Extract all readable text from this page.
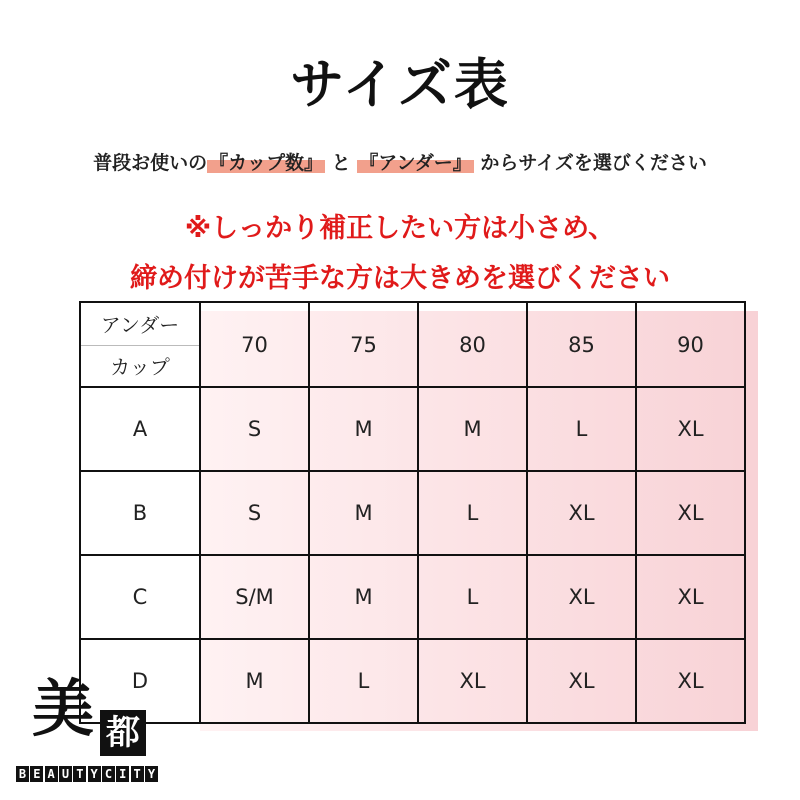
サイズ表
普段お使いの 『カップ数』 と 『アンダー』 からサイズを選びください
※しっかり補正したい方は小さめ、
締め付けが苦手な方は大きめを選びください
アンダー
カップ	70	75	80	85	90
A	S	M	M	L	XL
B	S	M	L	XL	XL
C	S/M	M	L	XL	XL
D	M	L	XL	XL	XL
美 都
B E A U T Y C I T Y
